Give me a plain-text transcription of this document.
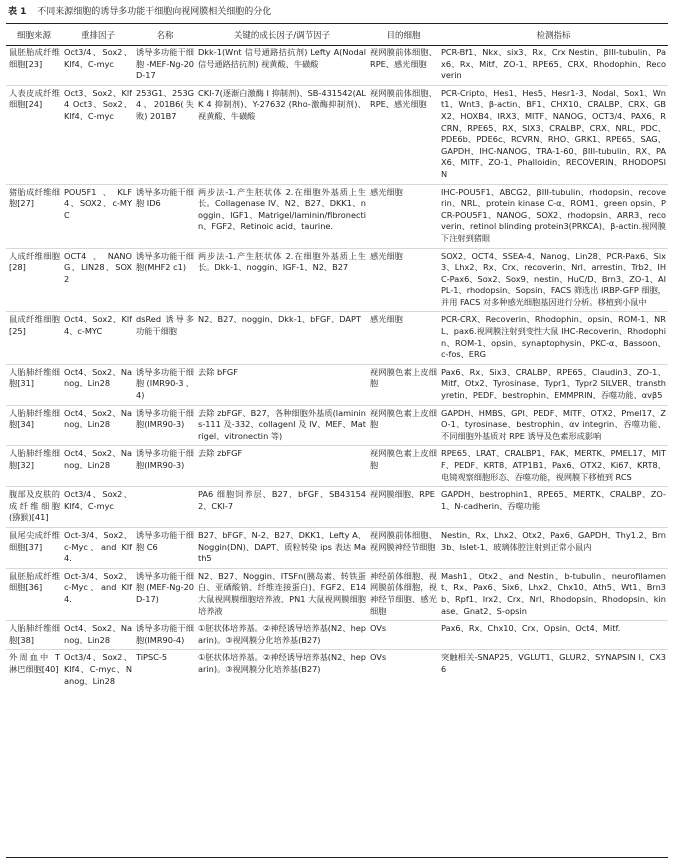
表 1 不同来源细胞的诱导多功能干细胞向视网膜相关细胞的分化
细胞来源	重排因子	名称	关键的成长因子/调节因子	目的细胞	检测指标
鼠胚胎成纤维细胞[23]	Oct3/4、Sox2、Klf4、C-myc	诱导多功能干细胞-MEF-Ng-20D-17	Dkk-1(Wnt 信号通路拮抗剂) Lefty A(Nodal 信号通路拮抗剂) 视黄酸、牛磺酸	视网膜前体细胞、RPE、感光细胞	PCR-Bf1、Nkx、six3、Rx、Crx Nestin、βIII-tubulin、Pax6、Rx、Mitf、ZO-1、RPE65、CRX、Rhodophin、Recoverin
人表皮成纤维细胞[24]	Oct3、Sox2、Klf4 Oct3、Sox2、Klf4、C-myc	253G1、253G4、201B6(失败) 201B7	CKI-7(逐渐白激酶 I 抑制剂)、SB-431542(ALK 4 抑制剂)、Y-27632 (Rho-激酶抑制剂)、视黄酸、牛磺酸	视网膜前体细胞、RPE、感光细胞	PCR-Cripto、Hes1、Hes5、Hesr1-3、Nodal、Sox1、Wnt1、Wnt3、β-actin、BF1、CHX10、CRALBP、CRX、GBX2、HOXB4、IRX3、MITF、NANOG、OCT3/4、PAX6、RCRN、RPE65、RX、SIX3、CRALBP、CRX、NRL、PDC、PDE6b、PDE6c、RCVRN、RHO、GRK1、RPE65、SAG、GAPDH、IHC-NANOG、TRA-1-60、βIII-tubulin、RX、PAX6、MITF、ZO-1、Phalloidin、RECOVERIN、RHODOPSIN
猪胎成纤维细胞[27]	POU5F1、KLF4、SOX2、c-MYC	诱导多功能干细胞 ID6	两步法-1.产生胚状体 2.在细胞外基质上生长。Collagenase IV、N2、B27、DKK1、noggin、IGF1、Matrigel/laminin/fibronectin、FGF2、Retinoic acid、taurine.	感光细胞	IHC-POU5F1、ABCG2、βIII-tubulin、rhodopsin、recoverin、NRL、protein kinase C-α、ROM1、green opsin、PCR-POU5F1、NANOG、SOX2、rhodopsin、ARR3、recoverin、retinol blinding protein3(PRKCA)、β-actin.视网膜下注射到猪眼
人成纤维细胞[28]	OCT4、NANOG、LIN28、SOX2	诱导多功能干细胞(MHF2 c1)	两步法-1.产生胚状体 2.在细胞外基质上生长。Dkk-1、noggin、IGF-1、N2、B27	感光细胞	SOX2、OCT4、SSEA-4、Nanog、Lin28、PCR-Pax6、Six3、Lhx2、Rx、Crx、recoverin、Nrl、arrestin、Trb2、IHC-Pax6、Sox2、Sox9、nestin、HuC/D、Brn3、ZO-1、AIPL-1、rhodopsin、Sopsin、FACS 筛选出 IRBP-GFP 细胞，并用 FACS 对多种感光细胞基因进行分析。移植到小鼠中
鼠成纤维细胞[25]	Oct4、Sox2、Klf4、c-MYC	dsRed 诱导多功能干细胞	N2、B27、noggin、Dkk-1、bFGF、DAPT	感光细胞	PCR-CRX、Recoverin、Rhodophin、opsin、ROM-1、NRL、pax6.视网膜注射到变性大鼠 IHC-Recoverin、Rhodophin、ROM-1、opsin、synaptophysin、PKC-α、Bassoon、c-fos、ERG
人胎肺纤维细胞[31]	Oct4、Sox2、Nanog、Lin28	诱导多功能干细胞(IMR90-3、4)	去除 bFGF	视网膜色素上皮细胞	Pax6、Rx、Six3、CRALBP、RPE65、Claudin3、ZO-1、Mitf、Otx2、Tyrosinase、Typr1、Typr2 SILVER、transthyretin、PEDF、bestrophin、EMMPRIN、吞噬功能、αvβ5
人胎肺纤维细胞[34]	Oct4、Sox2、Nanog、Lin28	诱导多功能干细胞(IMR90-3)	去除 zbFGF、B27，各种细胞外基质(laminins-111 及-332、collagenI 及 IV、MEF、Matrigel、vitronectin 等)	视网膜色素上皮细胞	GAPDH、HMBS、GPI、PEDF、MITF、OTX2、Pmel17、ZO-1、tyrosinase、bestrophin、αv integrin、吞噬功能、不同细胞外基质对 RPE 诱导及色素形成影响
人胎肺纤维细胞[32]	Oct4、Sox2、Nanog、Lin28	诱导多功能干细胞(IMR90-3)	去除 zbFGF	视网膜色素上皮细胞	RPE65、LRAT、CRALBP1、FAK、MERTK、PMEL17、MITF、PEDF、KRT8、ATP1B1、Pax6、OTX2、Ki67、KRT8、电镜观察细胞形态、吞噬功能，视网膜下移植到 RCS
腹部及皮肤的成纤维细胞(猕猴)[41]	Oct3/4、Sox2、Klf4、C-myc		PA6 细胞饲养层、B27、bFGF、SB431542、CKI-7	视网膜细胞、RPE	GAPDH、bestrophin1、RPE65、MERTK、CRALBP、ZO-1、N-cadherin、吞噬功能
鼠尾尖成纤维细胞[37]	Oct-3/4、Sox2、c-Myc、and Klf4.	诱导多功能干细胞 C6	B27、bFGF、N-2、B27、DKK1、Lefty A、Noggin(DN)、DAPT、质粒转染 ips 表达 Math5	视网膜前体细胞、视网膜神经节细胞	Nestin、Rx、Lhx2、Otx2、Pax6、GAPDH、Thy1.2、Brn3b、Islet-1、玻璃体腔注射到正常小鼠内
鼠胚胎成纤维细胞[36]	Oct-3/4、Sox2、c-Myc、and Klf4.	诱导多功能干细胞(MEF-Ng-20D-17)	N2、B27、Noggin、ITSFn(胰岛素、转铁蛋白、亚硒酸钠、纤维连接蛋白)、FGF2、E14 大鼠视网膜细胞培养液、PN1 大鼠视网膜细胞培养液	神经前体细胞、视网膜前体细胞，视神经节细胞、感光细胞	Mash1、Otx2、and Nestin、b-tubulin、neurofilament、Rx、Pax6、Six6、Lhx2、Chx10、Ath5、Wt1、Brn3b、Rpf1、Irx2、Crx、Nrl、Rhodopsin、Rhodopsin、kinase、Gnat2、S-opsin
人胎肺纤维细胞[38]	Oct4、Sox2、Nanog、Lin28	诱导多功能干细胞(IMR90-4)	①胚状体培养基。②神经诱导培养基(N2、heparin)。③视网膜分化培养基(B27)	OVs	Pax6、Rx、Chx10、Crx、Opsin、Oct4、Mitf.
外周血中 T 淋巴细胞[40]	Oct3/4、Sox2、Klf4、C-myc、Nanog、Lin28	TiPSC-5	①胚状体培养基。②神经诱导培养基(N2、heparin)。③视网膜分化培养基(B27)	OVs	突触相关-SNAP25、VGLUT1、GLUR2、SYNAPSIN I、CX36
